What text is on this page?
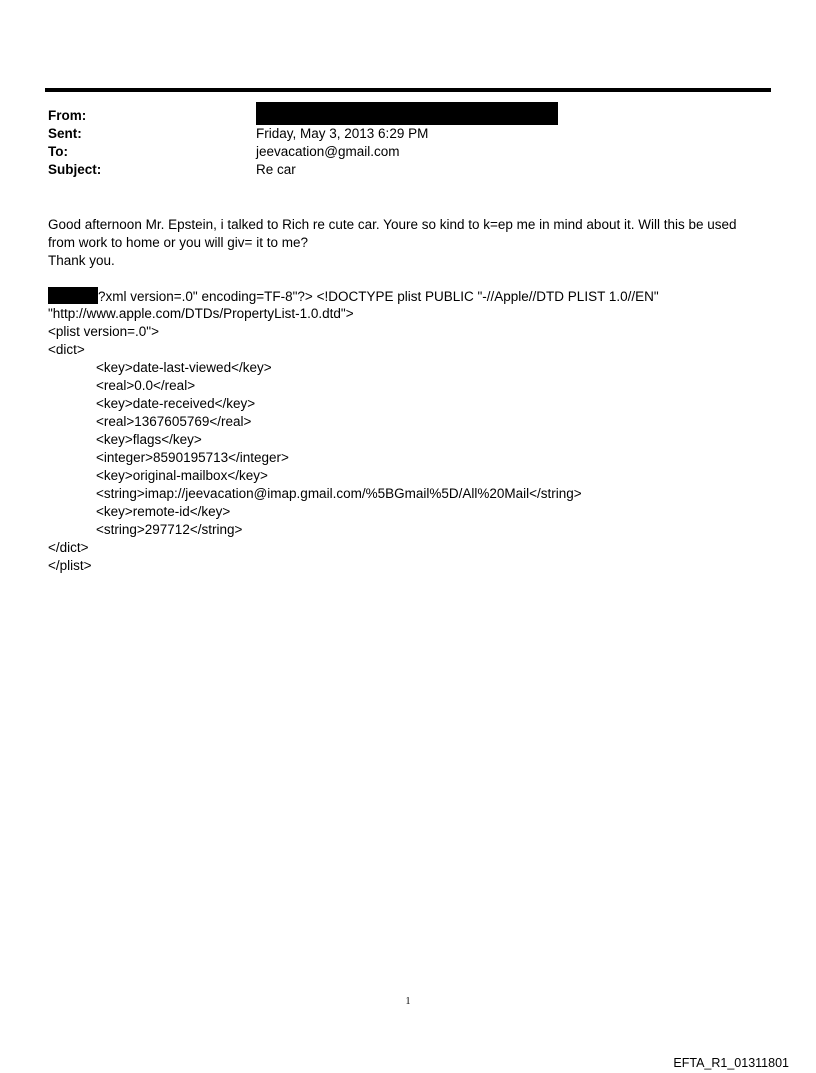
From:
Sent:	Friday, May 3, 2013 6:29 PM
To:	jeevacation@gmail.com
Subject:	Re car

Good afternoon Mr. Epstein, i talked to Rich re cute car. Youre so kind to k=ep me in mind about it. Will this be used

from work to home or you will giv= it to me?

Thank you.

?xml version=.0" encoding=TF-8"?> <!DOCTYPE plist PUBLIC "-//Apple//DTD PLIST 1.0//EN"
"http://www.apple.com/DTDs/PropertyList-1.0.dtd">
<plist version=.0">
<dict>
<key>date-last-viewed</key>
<real>0.0</real>
<key>date-received</key>
<real>1367605769</real>
<key>flags</key>
<integer>8590195713</integer>
<key>original-mailbox</key>
<string>imap://jeevacation@imap.gmail.com/%5BGmail%5D/All%20Mail</string>
<key>remote-id</key>
<string>297712</string>
</dict>
</plist>
1
EFTA_R1_01311801
